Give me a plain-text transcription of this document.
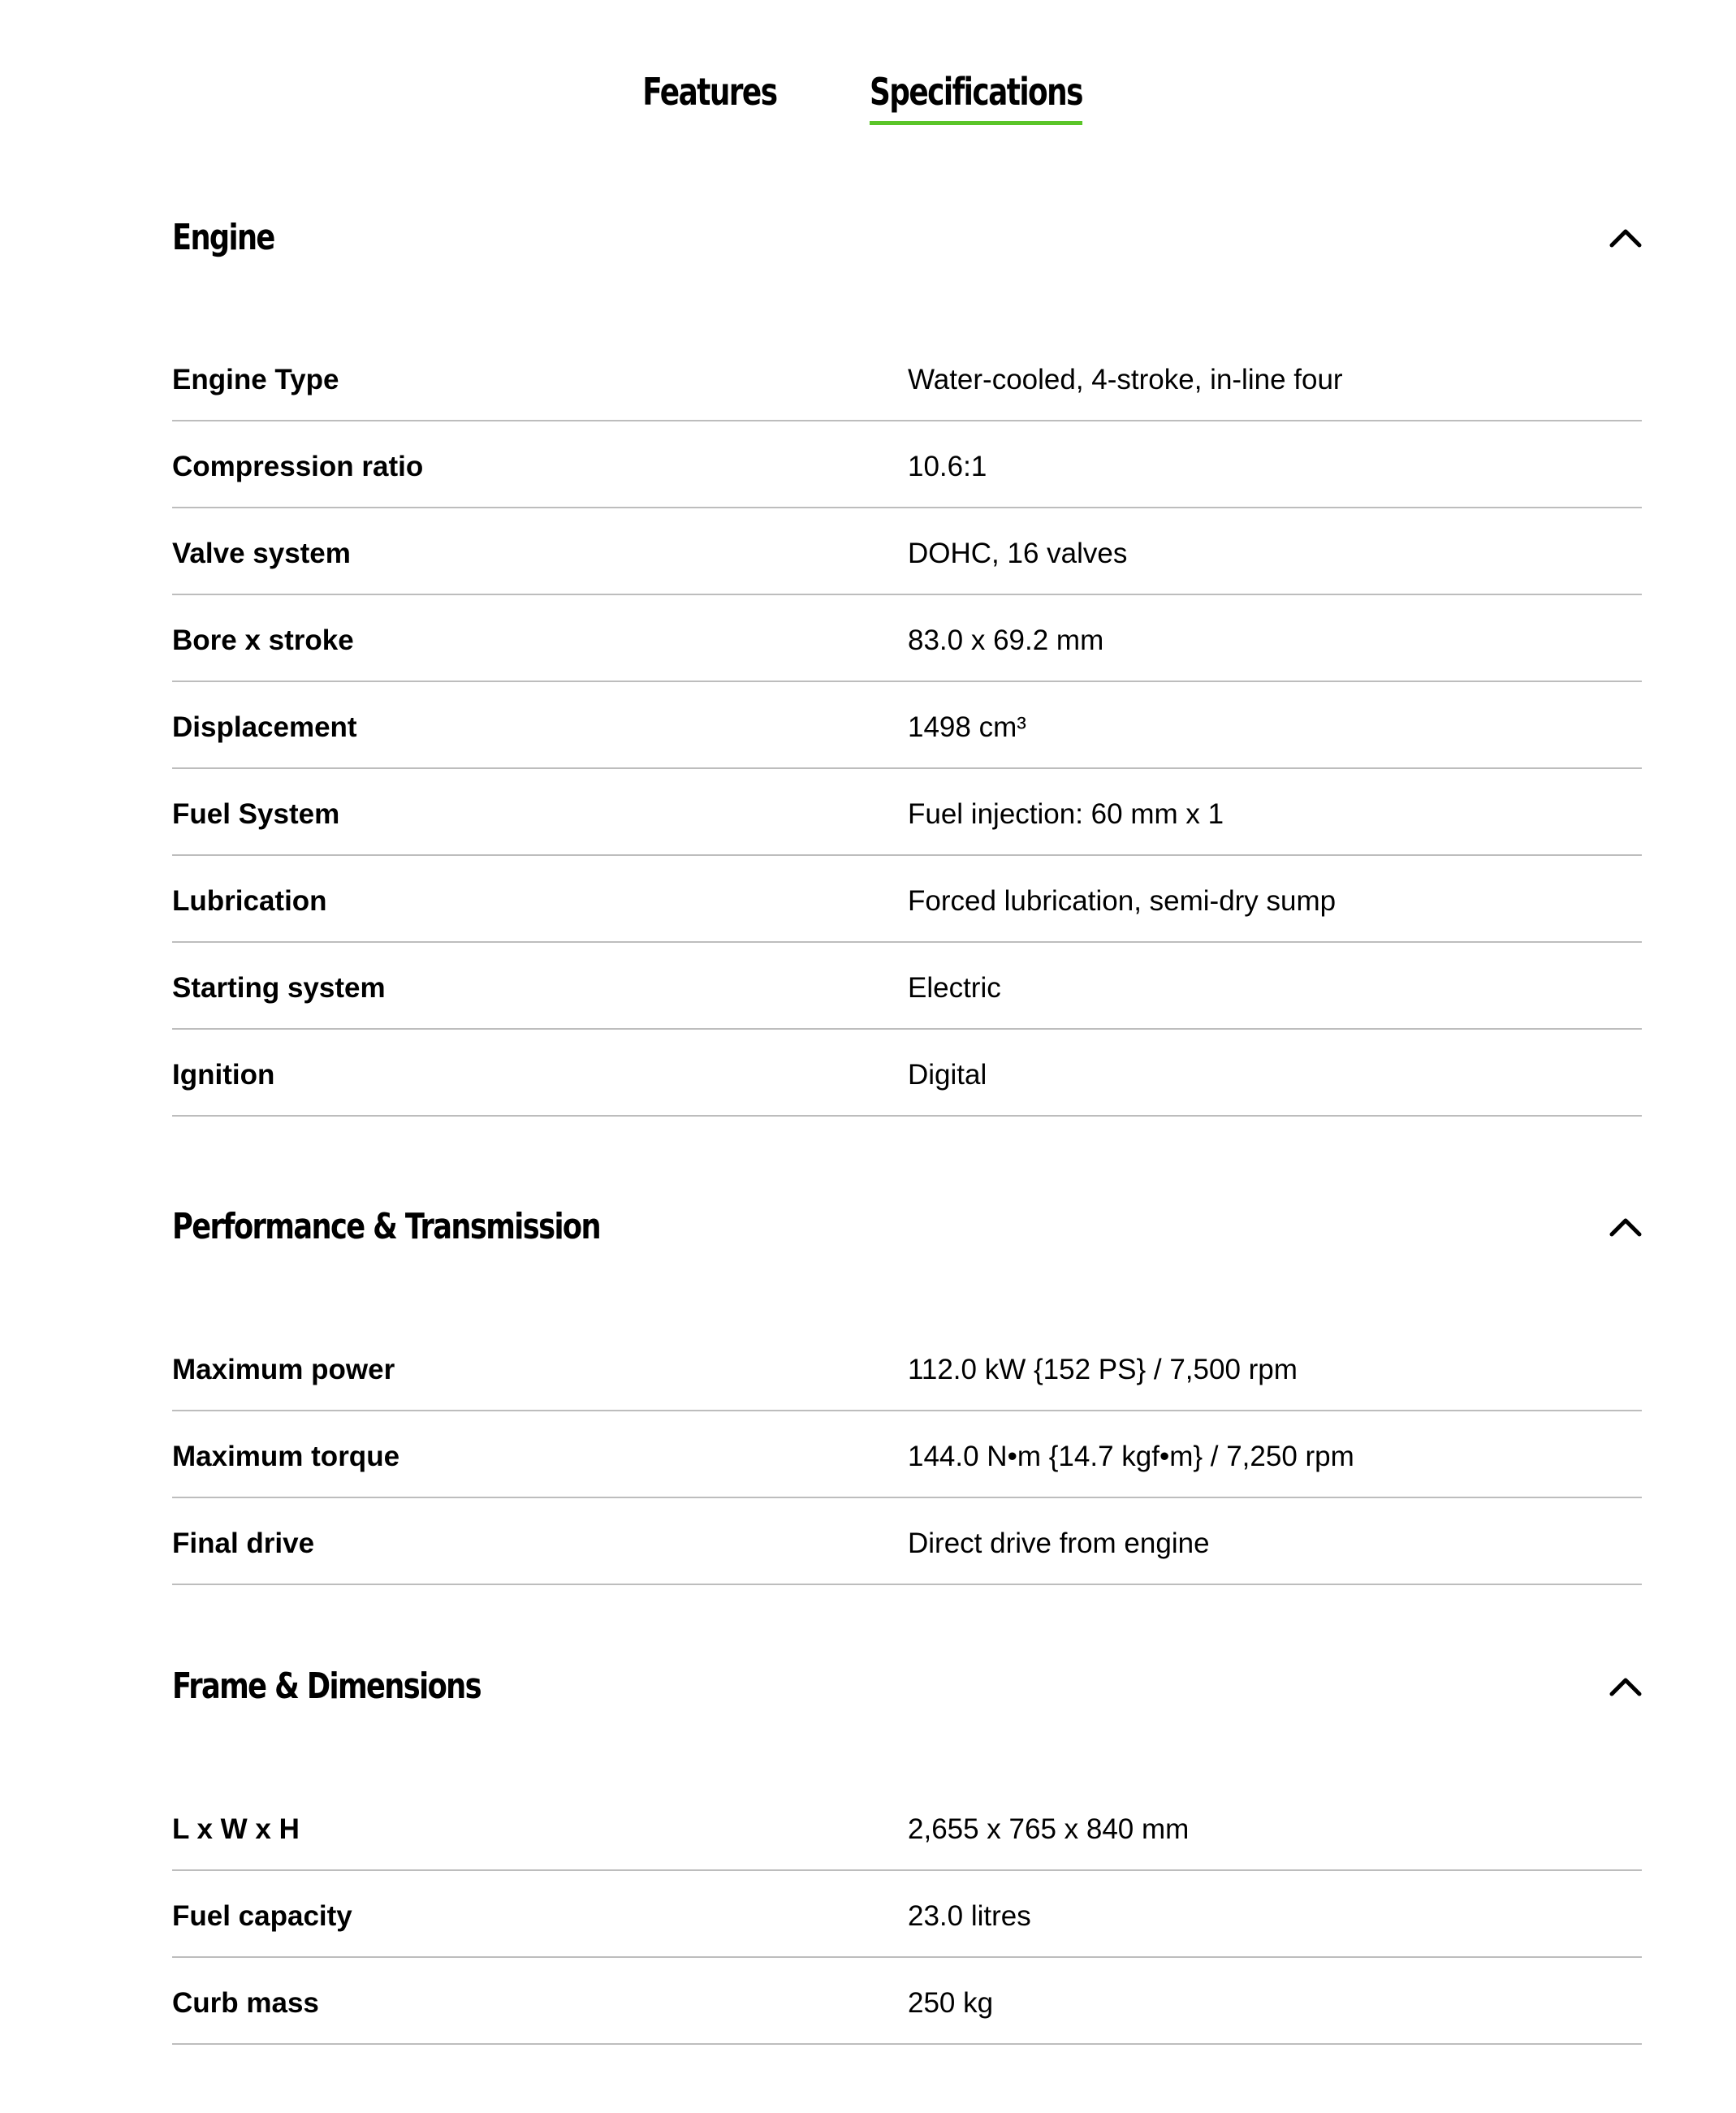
Features Specifications
Engine
Engine Type	Water-cooled, 4-stroke, in-line four
Compression ratio	10.6:1
Valve system	DOHC, 16 valves
Bore x stroke	83.0 x 69.2 mm
Displacement	1498 cm³
Fuel System	Fuel injection: 60 mm x 1
Lubrication	Forced lubrication, semi-dry sump
Starting system	Electric
Ignition	Digital
Performance & Transmission
Maximum power	112.0 kW {152 PS} / 7,500 rpm
Maximum torque	144.0 N•m {14.7 kgf•m} / 7,250 rpm
Final drive	Direct drive from engine
Frame & Dimensions
L x W x H	2,655 x 765 x 840 mm
Fuel capacity	23.0 litres
Curb mass	250 kg
